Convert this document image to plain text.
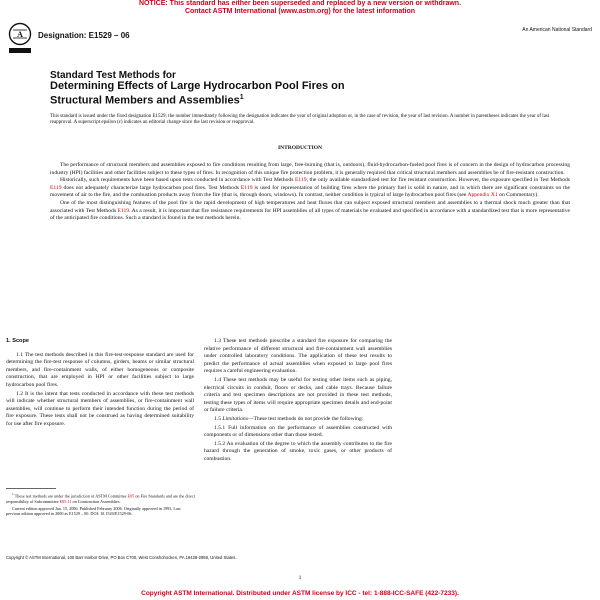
NOTICE: This standard has either been superseded and replaced by a new version or withdrawn.
Contact ASTM International (www.astm.org) for the latest information
A Designation: E1529 – 06
An American National Standard
Standard Test Methods for
Determining Effects of Large Hydrocarbon Pool Fires on
Structural Members and Assemblies$^1$
This standard is issued under the fixed designation E1529; the number immediately following the designation indicates the year of original adoption or, in the case of revision, the year of last revision. A number in parentheses indicates the year of last reapproval. A superscript epsilon (ε) indicates an editorial change since the last revision or reapproval.
INTRODUCTION

The performance of structural members and assemblies exposed to fire conditions resulting from large, free-burning (that is, outdoors), fluid-hydrocarbon-fueled pool fires is of concern in the design of hydrocarbon processing industry (HPI) facilities and other facilities subject to these types of fires. In recognition of this unique fire protection problem, it is generally required that critical structural members and assemblies be of fire-resistant construction.

Historically, such requirements have been based upon tests conducted in accordance with Test Methods E119, the only available standardized test for fire resistant construction. However, the exposure specified in Test Methods E119 does not adequately characterize large hydrocarbon pool fires. Test Methods E119 is used for representation of building fires where the primary fuel is solid in nature, and in which there are significant constraints on the movement of air to the fire, and the combustion products away from the fire (that is, through doors, windows). In contrast, neither condition is typical of large hydrocarbon pool fires (see Appendix X1 on Commentary).

One of the most distinguishing features of the pool fire is the rapid development of high temperatures and heat fluxes that can subject exposed structural members and assemblies to a thermal shock much greater than that associated with Test Methods E119. As a result, it is important that fire resistance requirements for HPI assemblies of all types of materials be evaluated and specified in accordance with a standardized test that is more representative of the anticipated fire conditions. Such a standard is found in the test methods herein.

1. Scope

1.1 The test methods described in this fire-test-response standard are used for determining the fire-test response of columns, girders, beams or similar structural members, and fire-containment walls, of either homogeneous or composite construction, that are employed in HPI or other facilities subject to large hydrocarbon pool fires.

1.2 It is the intent that tests conducted in accordance with these test methods will indicate whether structural members of assemblies, or fire-containment wall assemblies, will continue to perform their intended function during the period of fire exposure. These tests shall not be construed as having determined suitability for use after fire exposure.

1.3 These test methods prescribe a standard fire exposure for comparing the relative performance of different structural and fire-containment wall assemblies under controlled laboratory conditions. The application of these test results to predict the performance of actual assemblies when exposed to large pool fires requires a careful engineering evaluation.

1.4 These test methods may be useful for testing other items such as piping, electrical circuits in conduit, floors or decks, and cable trays. Because failure criteria and test specimen descriptions are not provided in these test methods, testing these types of items will require appropriate specimen details and end-point or failure criteria.

1.5 Limitations—These test methods do not provide the following:

1.5.1 Full information on the performance of assemblies constructed with components or of dimensions other than those tested.

1.5.2 An evaluation of the degree to which the assembly contributes to the fire hazard through the generation of smoke, toxic gases, or other products of combustion.

$^1$ These test methods are under the jurisdiction of ASTM Committee E05 on Fire Standards and are the direct responsibility of Subcommittee E05.11 on Construction Assemblies.

Current edition approved Jan. 15, 2006. Published February 2006. Originally approved in 1993. Last previous edition approved in 2000 as E1529 – 00. DOI: 10.1520/E1529-06.

Copyright © ASTM International, 100 Barr Harbor Drive, PO Box C700, West Conshohocken, PA 19428-2959, United States.
1
Copyright ASTM International. Distributed under ASTM license by ICC - tel: 1-888-ICC-SAFE (422-7233).
